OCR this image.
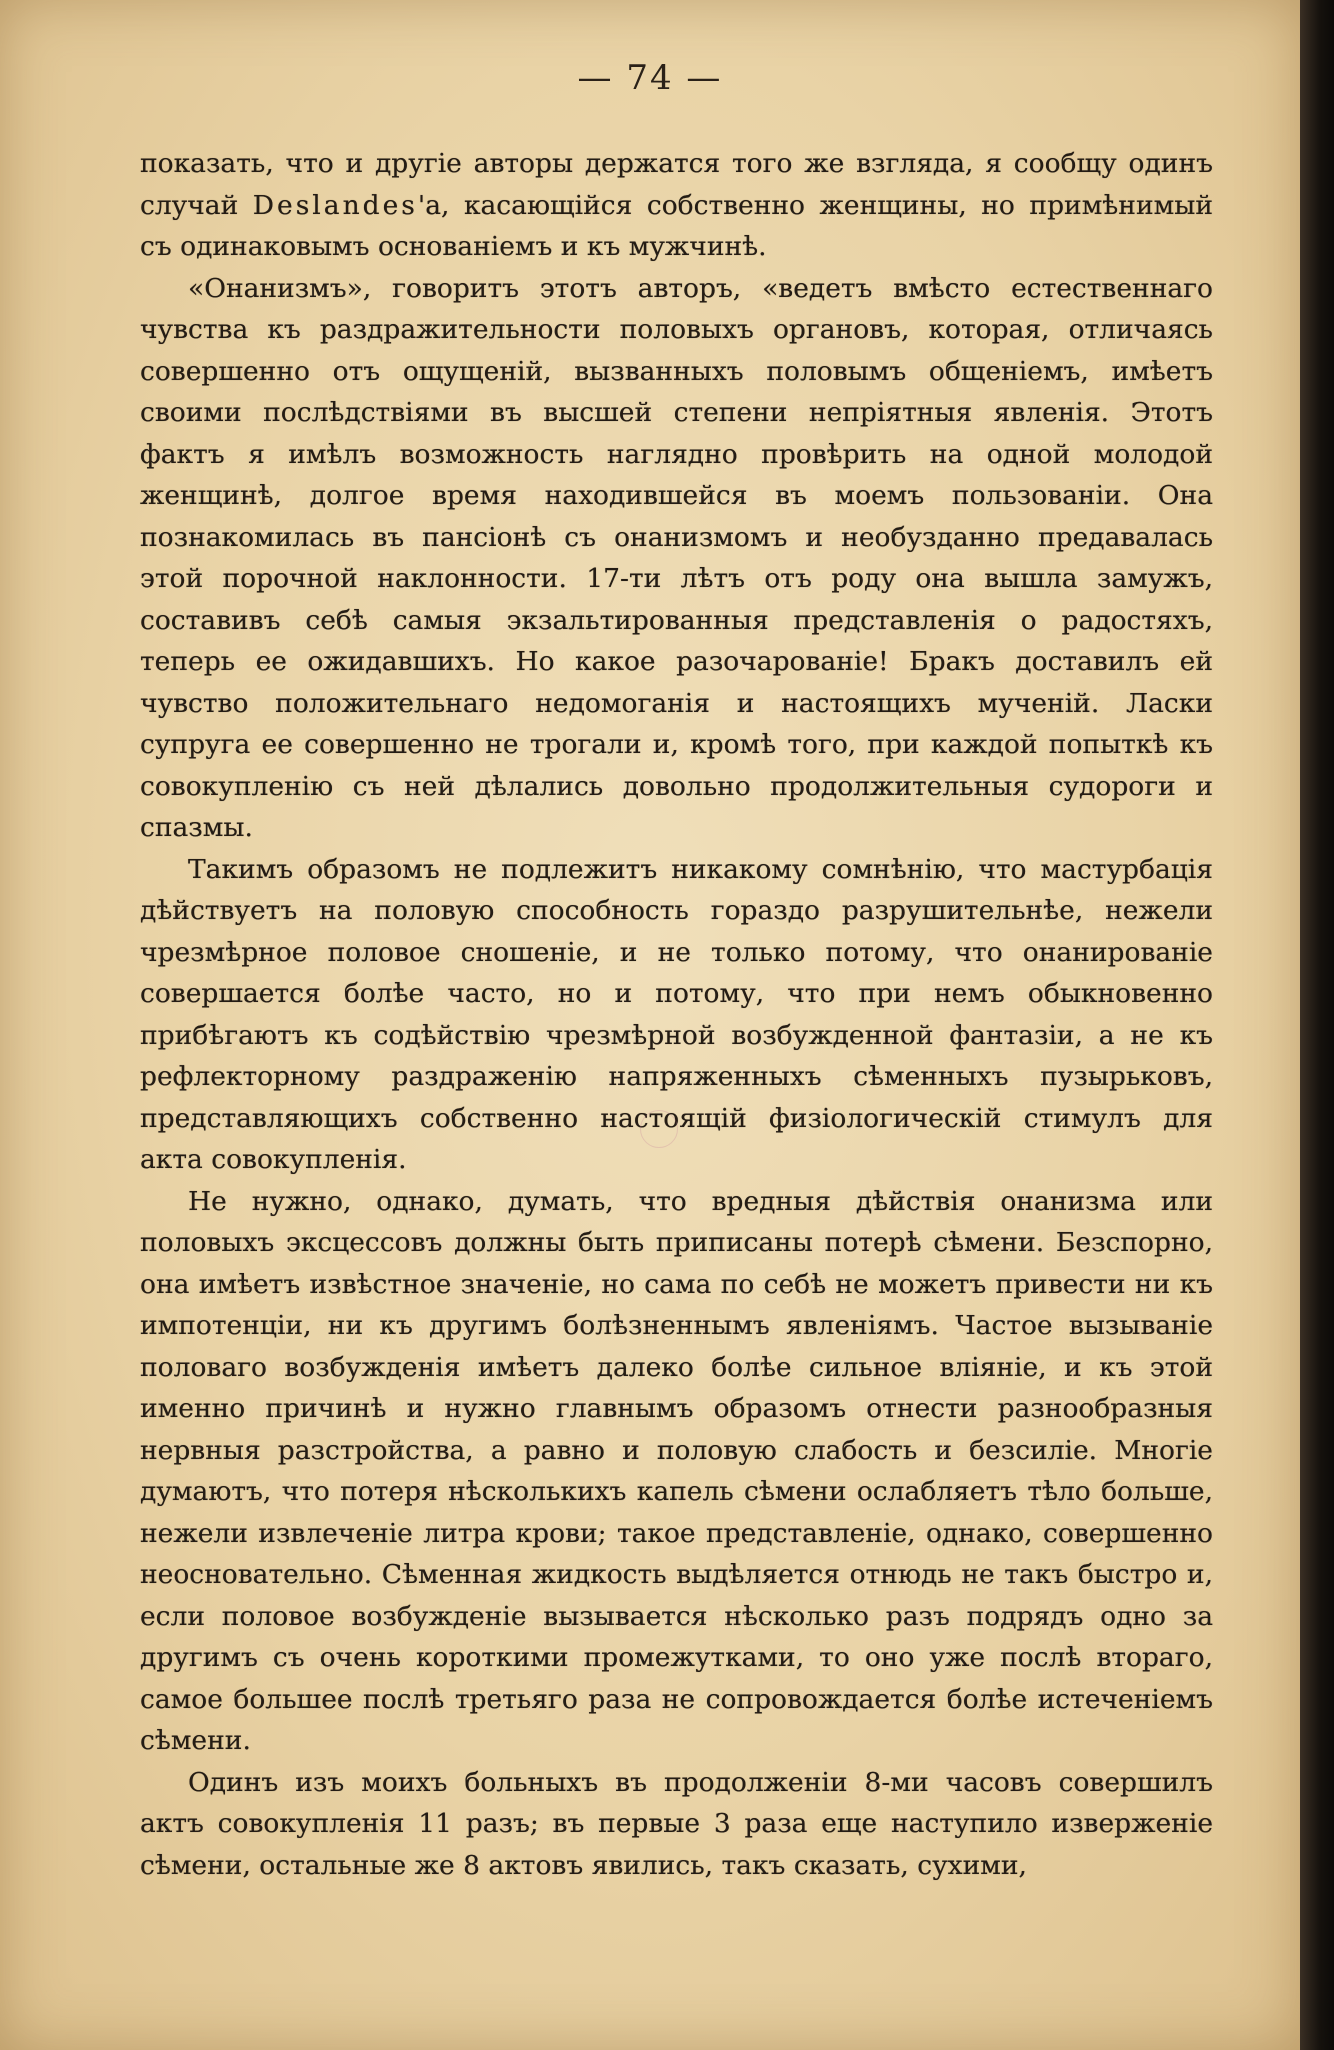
— 74 —

показать, что и другіе авторы держатся того же взгляда, я сообщу одинъ случай Deslandes'а, касающійся собственно женщины, но примѣнимый съ одинаковымъ основаніемъ и къ мужчинѣ.

«Онанизмъ», говоритъ этотъ авторъ, «ведетъ вмѣсто естественнаго чувства къ раздражительности половыхъ органовъ, которая, отличаясь совершенно отъ ощущеній, вызванныхъ половымъ общеніемъ, имѣетъ своими послѣдствіями въ высшей степени непріятныя явленія. Этотъ фактъ я имѣлъ возможность наглядно провѣрить на одной молодой женщинѣ, долгое время находившейся въ моемъ пользованіи. Она познакомилась въ пансіонѣ съ онанизмомъ и необузданно предавалась этой порочной наклонности. 17-ти лѣтъ отъ роду она вышла замужъ, составивъ себѣ самыя экзальтированныя представленія о радостяхъ, теперь ее ожидавшихъ. Но какое разочарованіе! Бракъ доставилъ ей чувство положительнаго недомоганія и настоящихъ мученій. Ласки супруга ее совершенно не трогали и, кромѣ того, при каждой попыткѣ къ совокупленію съ ней дѣлались довольно продолжительныя судороги и спазмы.

Такимъ образомъ не подлежитъ никакому сомнѣнію, что мастурбація дѣйствуетъ на половую способность гораздо разрушительнѣе, нежели чрезмѣрное половое сношеніе, и не только потому, что онанированіе совершается болѣе часто, но и потому, что при немъ обыкновенно прибѣгаютъ къ содѣйствію чрезмѣрной возбужденной фантазіи, а не къ рефлекторному раздраженію напряженныхъ сѣменныхъ пузырьковъ, представляющихъ собственно настоящій физіологическій стимулъ для акта совокупленія.

Не нужно, однако, думать, что вредныя дѣйствія онанизма или половыхъ эксцессовъ должны быть приписаны потерѣ сѣмени. Безспорно, она имѣетъ извѣстное значеніе, но сама по себѣ не можетъ привести ни къ импотенціи, ни къ другимъ болѣзненнымъ явленіямъ. Частое вызываніе половаго возбужденія имѣетъ далеко болѣе сильное вліяніе, и къ этой именно причинѣ и нужно главнымъ образомъ отнести разнообразныя нервныя разстройства, а равно и половую слабость и безсиліе. Многіе думаютъ, что потеря нѣсколькихъ капель сѣмени ослабляетъ тѣло больше, нежели извлеченіе литра крови; такое представленіе, однако, совершенно неосновательно. Сѣменная жидкость выдѣляется отнюдь не такъ быстро и, если половое возбужденіе вызывается нѣсколько разъ подрядъ одно за другимъ съ очень короткими промежутками, то оно уже послѣ втораго, самое большее послѣ третьяго раза не сопровождается болѣе истеченіемъ сѣмени.

Одинъ изъ моихъ больныхъ въ продолженіи 8-ми часовъ совершилъ актъ совокупленія 11 разъ; въ первые 3 раза еще наступило изверженіе сѣмени, остальные же 8 актовъ явились, такъ сказать, сухими,
